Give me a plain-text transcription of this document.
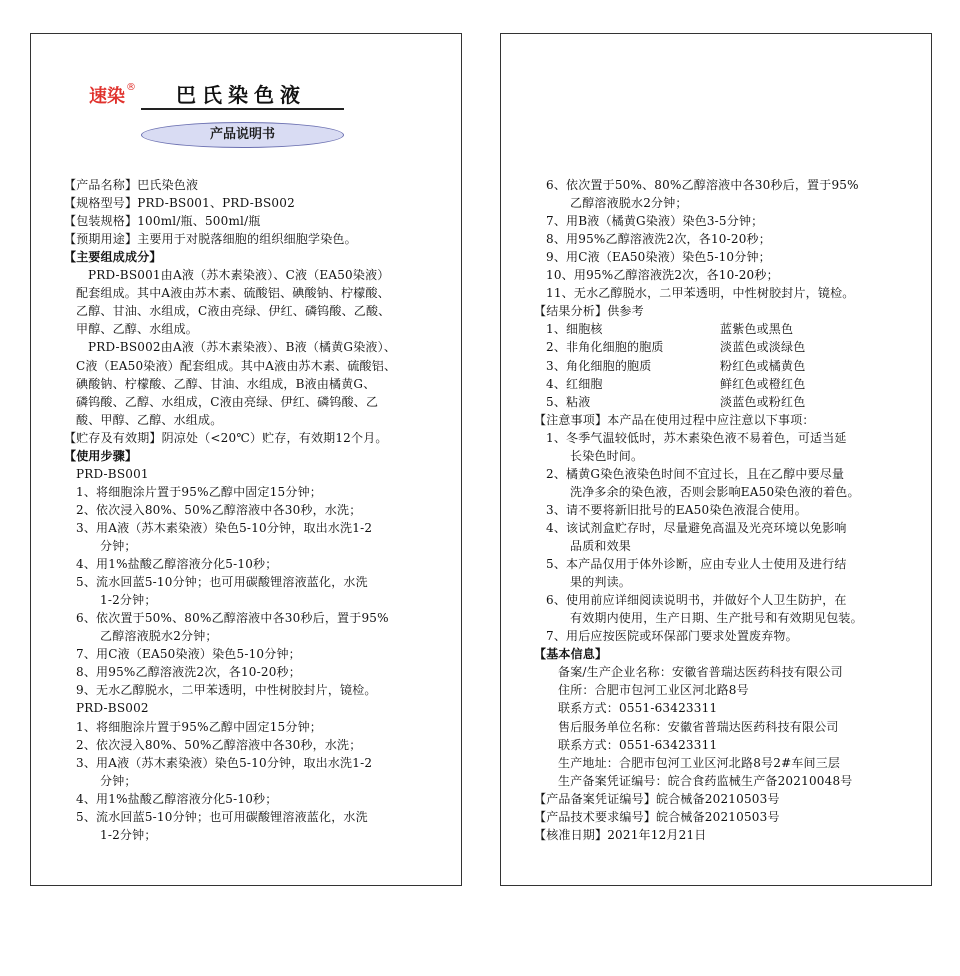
速染® 巴氏染色液
产品说明书
【产品名称】巴氏染色液
【规格型号】PRD-BS001、PRD-BS002
【包装规格】100ml/瓶、500ml/瓶
【预期用途】主要用于对脱落细胞的组织细胞学染色。
【主要组成成分】
PRD-BS001由A液（苏木素染液）、C液（EA50染液）
配套组成。其中A液由苏木素、硫酸铝、碘酸钠、柠檬酸、
乙醇、甘油、水组成，C液由亮绿、伊红、磷钨酸、乙酸、
甲醇、乙醇、水组成。
PRD-BS002由A液（苏木素染液）、B液（橘黄G染液）、
C液（EA50染液）配套组成。其中A液由苏木素、硫酸铝、
碘酸钠、柠檬酸、乙醇、甘油、水组成，B液由橘黄G、
磷钨酸、乙醇、水组成，C液由亮绿、伊红、磷钨酸、乙
酸、甲醇、乙醇、水组成。
【贮存及有效期】阴凉处（<20℃）贮存，有效期12个月。
【使用步骤】
PRD-BS001
1、将细胞涂片置于95%乙醇中固定15分钟；
2、依次浸入80%、50%乙醇溶液中各30秒，水洗；
3、用A液（苏木素染液）染色5-10分钟，取出水洗1-2
分钟；
4、用1%盐酸乙醇溶液分化5-10秒；
5、流水回蓝5-10分钟；也可用碳酸锂溶液蓝化，水洗
1-2分钟；
6、依次置于50%、80%乙醇溶液中各30秒后，置于95%
乙醇溶液脱水2分钟；
7、用C液（EA50染液）染色5-10分钟；
8、用95%乙醇溶液洗2次，各10-20秒；
9、无水乙醇脱水，二甲苯透明，中性树胶封片，镜检。
PRD-BS002
1、将细胞涂片置于95%乙醇中固定15分钟；
2、依次浸入80%、50%乙醇溶液中各30秒，水洗；
3、用A液（苏木素染液）染色5-10分钟，取出水洗1-2
分钟；
4、用1%盐酸乙醇溶液分化5-10秒；
5、流水回蓝5-10分钟；也可用碳酸锂溶液蓝化，水洗
1-2分钟；
6、依次置于50%、80%乙醇溶液中各30秒后，置于95%
乙醇溶液脱水2分钟；
7、用B液（橘黄G染液）染色3-5分钟；
8、用95%乙醇溶液洗2次，各10-20秒；
9、用C液（EA50染液）染色5-10分钟；
10、用95%乙醇溶液洗2次，各10-20秒；
11、无水乙醇脱水，二甲苯透明，中性树胶封片，镜检。
【结果分析】供参考
1、细胞核	蓝紫色或黑色
2、非角化细胞的胞质	淡蓝色或淡绿色
3、角化细胞的胞质	粉红色或橘黄色
4、红细胞	鲜红色或橙红色
5、粘液	淡蓝色或粉红色
【注意事项】本产品在使用过程中应注意以下事项：
1、冬季气温较低时，苏木素染色液不易着色，可适当延
长染色时间。
2、橘黄G染色液染色时间不宜过长，且在乙醇中要尽量
洗净多余的染色液，否则会影响EA50染色液的着色。
3、请不要将新旧批号的EA50染色液混合使用。
4、该试剂盒贮存时，尽量避免高温及光亮环境以免影响
品质和效果
5、本产品仅用于体外诊断，应由专业人士使用及进行结
果的判读。
6、使用前应详细阅读说明书，并做好个人卫生防护，在
有效期内使用，生产日期、生产批号和有效期见包装。
7、用后应按医院或环保部门要求处置废弃物。
【基本信息】
备案/生产企业名称：安徽省普瑞达医药科技有限公司
住所：合肥市包河工业区河北路8号
联系方式：0551-63423311
售后服务单位名称：安徽省普瑞达医药科技有限公司
联系方式：0551-63423311
生产地址：合肥市包河工业区河北路8号2#车间三层
生产备案凭证编号：皖合食药监械生产备20210048号
【产品备案凭证编号】皖合械备20210503号
【产品技术要求编号】皖合械备20210503号
【核准日期】2021年12月21日
